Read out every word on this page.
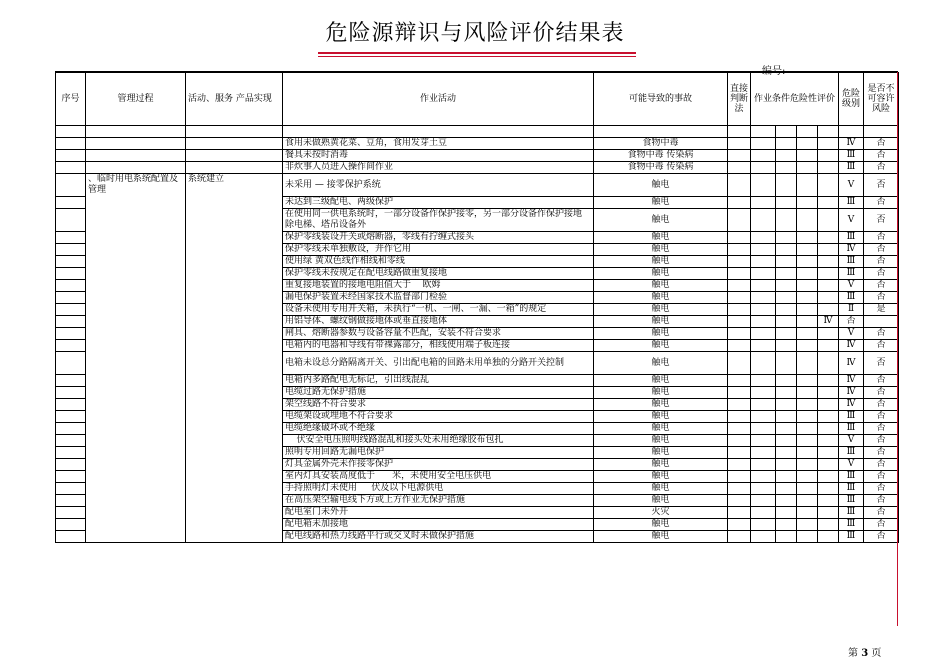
危险源辩识与风险评价结果表
序号	管理过程	活动、服务 产品实现	作业活动	可能导致的事故	直接判断法	作业条件危险性评价				危险级别	是否不可容许风险

			食用未做熟黄花菜、豆角，食用发芽土豆	食物中毒						Ⅳ	否
			餐具未按时消毒	食物中毒 传染病						Ⅲ	否
			非炊事人员进入操作间作业	食物中毒 传染病						Ⅲ	否
	、临时用电系统配置及管理	系统建立	未采用 — 接零保护系统	触电						Ⅴ	否
			未达到三级配电、两级保护	触电						Ⅲ	否
			在使用同一供电系统时，一部分设备作保护接零，另一部分设备作保护接地 除电梯、塔吊设备外	触电						Ⅴ	否
			保护零线装设开关或熔断器，零线有拧缠式接头	触电						Ⅲ	否
			保护零线未单独敷设，并作它用	触电						Ⅳ	否
			使用绿 黄双色线作相线和零线	触电						Ⅲ	否
			保护零线未按规定在配电线路做重复接地	触电						Ⅲ	否
			重复接地装置的接地电阻值大于    欧姆	触电						Ⅴ	否
			漏电保护装置未经国家技术监督部门检验	触电						Ⅲ	否
			设备未使用专用开关箱，未执行“一机、一闸、一漏、一箱”的规定	触电						Ⅱ	是
			用铝导体、螺纹钢做接地体或垂直接地体	触电					Ⅳ	否	
			闸具、熔断器参数与设备容量不匹配，安装不符合要求	触电						Ⅴ	否
			电箱内的电器和导线有带裸露部分，相线使用端子板连接	触电						Ⅳ	否
			电箱未设总分路隔离开关、引出配电箱的回路未用单独的分路开关控制	触电						Ⅳ	否
			电箱内多路配电无标记，引出线混乱	触电						Ⅳ	否
			电缆过路无保护措施	触电						Ⅳ	否
			架空线路不符合要求	触电						Ⅳ	否
			电缆架设或埋地不符合要求	触电						Ⅲ	否
			电缆绝缘破坏或不绝缘	触电						Ⅲ	否
			伏安全电压照明线路混乱和接头处未用绝缘胶布包扎	触电						Ⅴ	否
			照明专用回路无漏电保护	触电						Ⅲ	否
			灯具金属外壳未作接零保护	触电						Ⅴ	否
			室内灯具安装高度低于      米，未使用安全电压供电	触电						Ⅲ	否
			手持照明灯未使用     伏及以下电源供电	触电						Ⅲ	否
			在高压架空输电线下方或上方作业无保护措施	触电						Ⅲ	否
			配电室门未外开	火灾						Ⅲ	否
			配电箱未加接地	触电						Ⅲ	否
			配电线路和热力线路平行或交叉时未做保护措施	触电						Ⅲ	否
第 3 页
